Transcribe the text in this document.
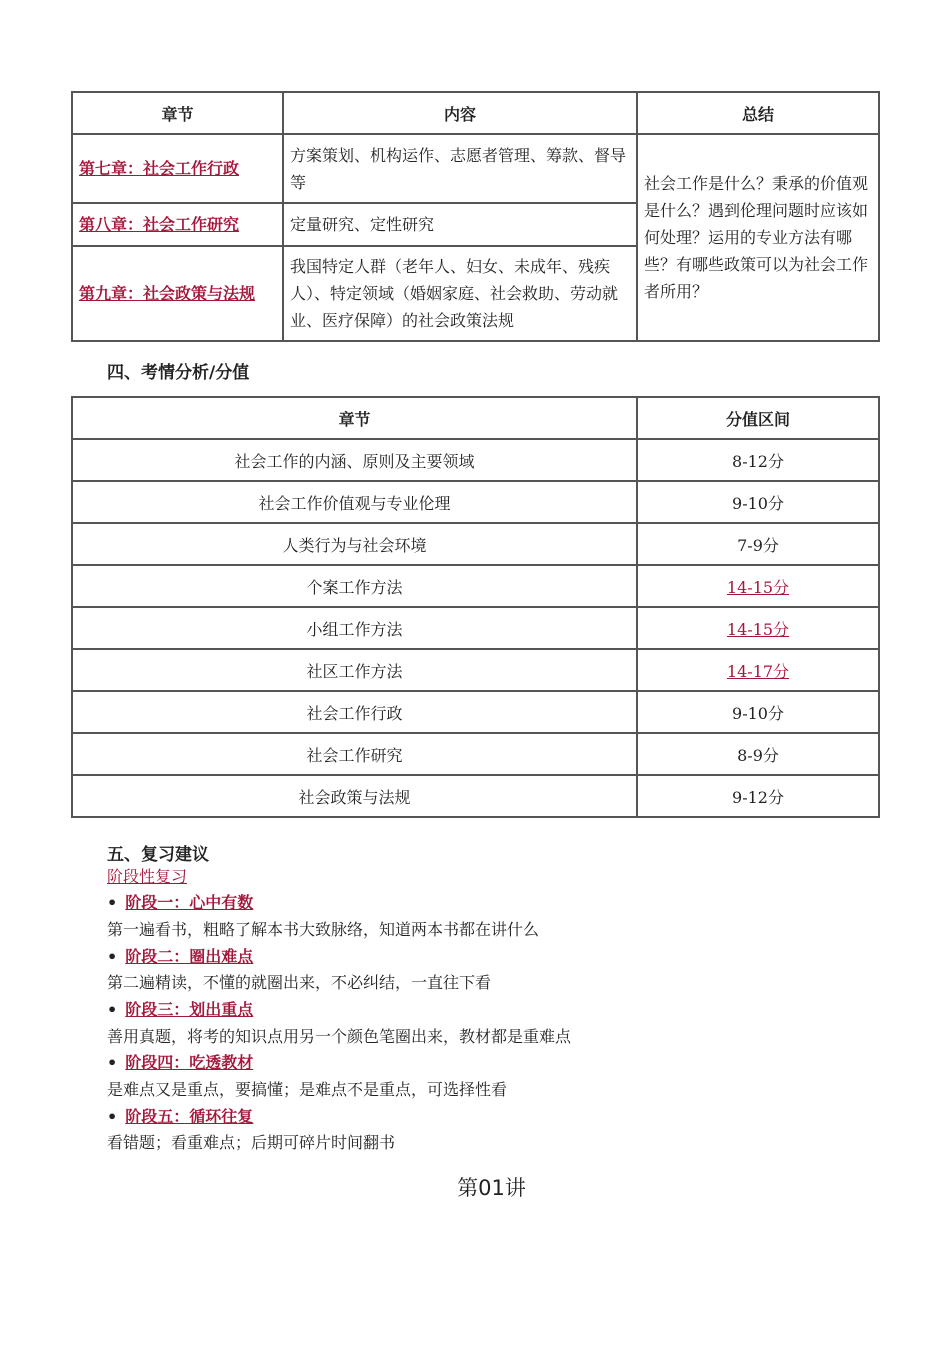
章节	内容	总结
第七章：社会工作行政	方案策划、机构运作、志愿者管理、筹款、督导等	社会工作是什么？秉承的价值观是什么？遇到伦理问题时应该如何处理？运用的专业方法有哪些？有哪些政策可以为社会工作者所用？
第八章：社会工作研究	定量研究、定性研究	
第九章：社会政策与法规	我国特定人群（老年人、妇女、未成年、残疾人）、特定领域（婚姻家庭、社会救助、劳动就业、医疗保障）的社会政策法规	
四、考情分析/分值
章节	分值区间
社会工作的内涵、原则及主要领域	8-12分
社会工作价值观与专业伦理	9-10分
人类行为与社会环境	7-9分
个案工作方法	14-15分
小组工作方法	14-15分
社区工作方法	14-17分
社会工作行政	9-10分
社会工作研究	8-9分
社会政策与法规	9-12分
五、复习建议
阶段性复习
• 阶段一：心中有数
第一遍看书，粗略了解本书大致脉络，知道两本书都在讲什么
• 阶段二：圈出难点
第二遍精读，不懂的就圈出来，不必纠结，一直往下看
• 阶段三：划出重点
善用真题，将考的知识点用另一个颜色笔圈出来，教材都是重难点
• 阶段四：吃透教材
是难点又是重点，要搞懂；是难点不是重点，可选择性看
• 阶段五：循环往复
看错题；看重难点；后期可碎片时间翻书
第01讲
